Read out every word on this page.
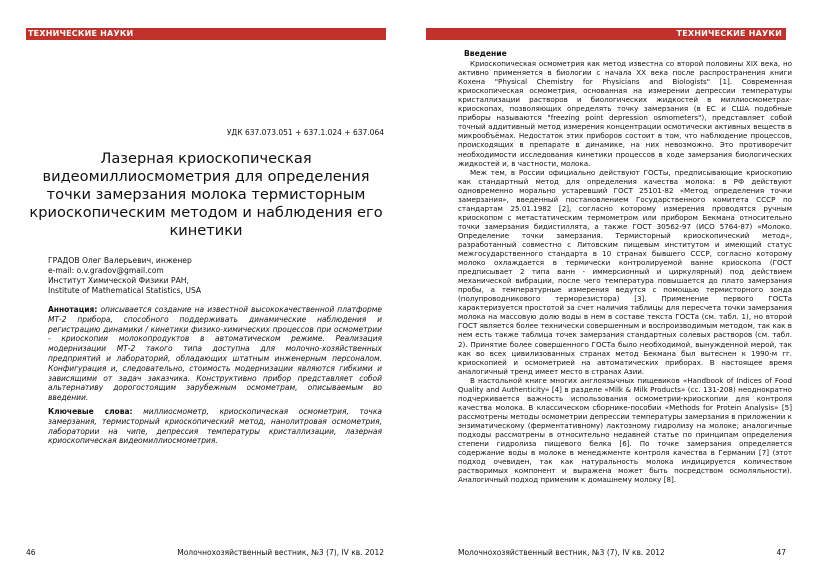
ТЕХНИЧЕСКИЕ НАУКИ
УДК 637.073.051 + 637.1.024 + 637.064
Лазерная криоскопическая видеомиллиосмометрия для определения точки замерзания молока термисторным криоскопическим методом и наблюдения его кинетики
ГРАДОВ Олег Валерьевич, инженер
e-mail: o.v.gradov@gmail.com
Институт Химической Физики РАН,
Institute of Mathematical Statistics, USA
Аннотация: описывается создание на известной высококачественной платформе МТ-2 прибора, способного поддерживать динамические наблюдения и регистрацию динамики / кинетики физико-химических процессов при осмометрии - криоскопии молокопродуктов в автоматическом режиме. Реализация модернизации МТ-2 такого типа доступна для молочно-хозяйственных предприятий и лабораторий, обладающих штатным инженерным персоналом. Конфигурация и, следовательно, стоимость модернизации являются гибкими и зависящими от задач заказчика. Конструктивно прибор представляет собой альтернативу дорогостоящим зарубежным осмометрам, описываемым во введении.
Ключевые слова: миллиосмометр, криоскопическая осмометрия, точка замерзания, термисторный криоскопический метод, нанолитровая осмометрия, лаборатории на чипе, депрессия температуры кристаллизации, лазерная криоскопическая видеомиллиосмометрия.
46	Молочнохозяйственный вестник, №3 (7), IV кв. 2012
ТЕХНИЧЕСКИЕ НАУКИ
Введение

Криоскопическая осмометрия как метод известна со второй половины XIX века, но активно применяется в биологии с начала XX века после распространения книги Кохена "Physical Chemistry for Physicians and Biologists" [1]. Современная криоскопическая осмометрия, основанная на измерении депрессии температуры кристаллизации растворов и биологических жидкостей в миллиосмометрах-криоскопах, позволяющих определять точку замерзания (в ЕС и США подобные приборы называются "freezing point depression osmometers"), представляет собой точный аддитивный метод измерения концентрации осмотически активных веществ в микрообъёмах. Недостаток этих приборов состоит в том, что наблюдение процессов, происходящих в препарате в динамике, на них невозможно. Это противоречит необходимости исследования кинетики процессов в ходе замерзания биологических жидкостей и, в частности, молока.

Меж тем, в России официально действуют ГОСТы, предписывающие криоскопию как стандартный метод для определения качества молока: в РФ действуют одновременно морально устаревший ГОСТ 25101-82 «Метод определения точки замерзания», введенный постановлением Государственного комитета СССР по стандартам 25.01.1982 [2], согласно которому измерения проводятся ручным криоскопом с метастатическим термометром или прибором Бекмана относительно точки замерзания бидистиллята, а также ГОСТ 30562-97 (ИСО 5764-87) «Молоко. Определение точки замерзания. Термисторный криоскопический метод», разработанный совместно с Литовским пищевым институтом и имеющий статус межгосударственного стандарта в 10 странах бывшего СССР, согласно которому молоко охлаждается в термически контролируемой ванне криоскопа (ГОСТ предписывает 2 типа ванн - иммерсионный и циркулярный) под действием механической вибрации, после чего температура повышается до плато замерзания пробы, а температурные измерения ведутся с помощью термисторного зонда (полупроводникового терморезистора) [3]. Применение первого ГОСТа характеризуется простотой за счет наличия таблицы для пересчета точки замерзания молока на массовую долю воды в нем в составе текста ГОСТа (см. табл. 1), но второй ГОСТ является более технически совершенным и воспроизводимым методом, так как в нем есть также таблица точек замерзания стандартных солевых растворов (см. табл. 2). Принятие более совершенного ГОСТа было необходимой, вынужденной мерой, так как во всех цивилизованных странах метод Бекмана был вытеснен к 1990-м гг. криоскопией и осмометрией на автоматических приборах. В настоящее время аналогичный тренд имеет место в странах Азии.

В настольной книге многих англоязычных пищевиков «Handbook of Indices of Food Quality and Authenticity» [4] в разделе «Milk & Milk Products» (сс. 131-208) неоднократно подчеркивается важность использования осмометрии-криоскопии для контроля качества молока. В классическом сборнике-пособии «Methods for Protein Analysis» [5] рассмотрены методы осмометрии депрессии температуры замерзания в приложении к энзиматическому (ферментативному) лактозному гидролизу на молоке; аналогичные подходы рассмотрены в относительно недавней статье по принципам определения степени гидролиза пищевого белка [6]. По точке замерзания определяется содержание воды в молоке в менеджменте контроля качества в Германии [7] (этот подход очевиден, так как натуральность молока индицируется количеством растворимых компонент и выражена может быть посредством осмоляльности). Аналогичный подход применим к домашнему молоку [8].

Молочнохозяйственный вестник, №3 (7), IV кв. 2012	47
